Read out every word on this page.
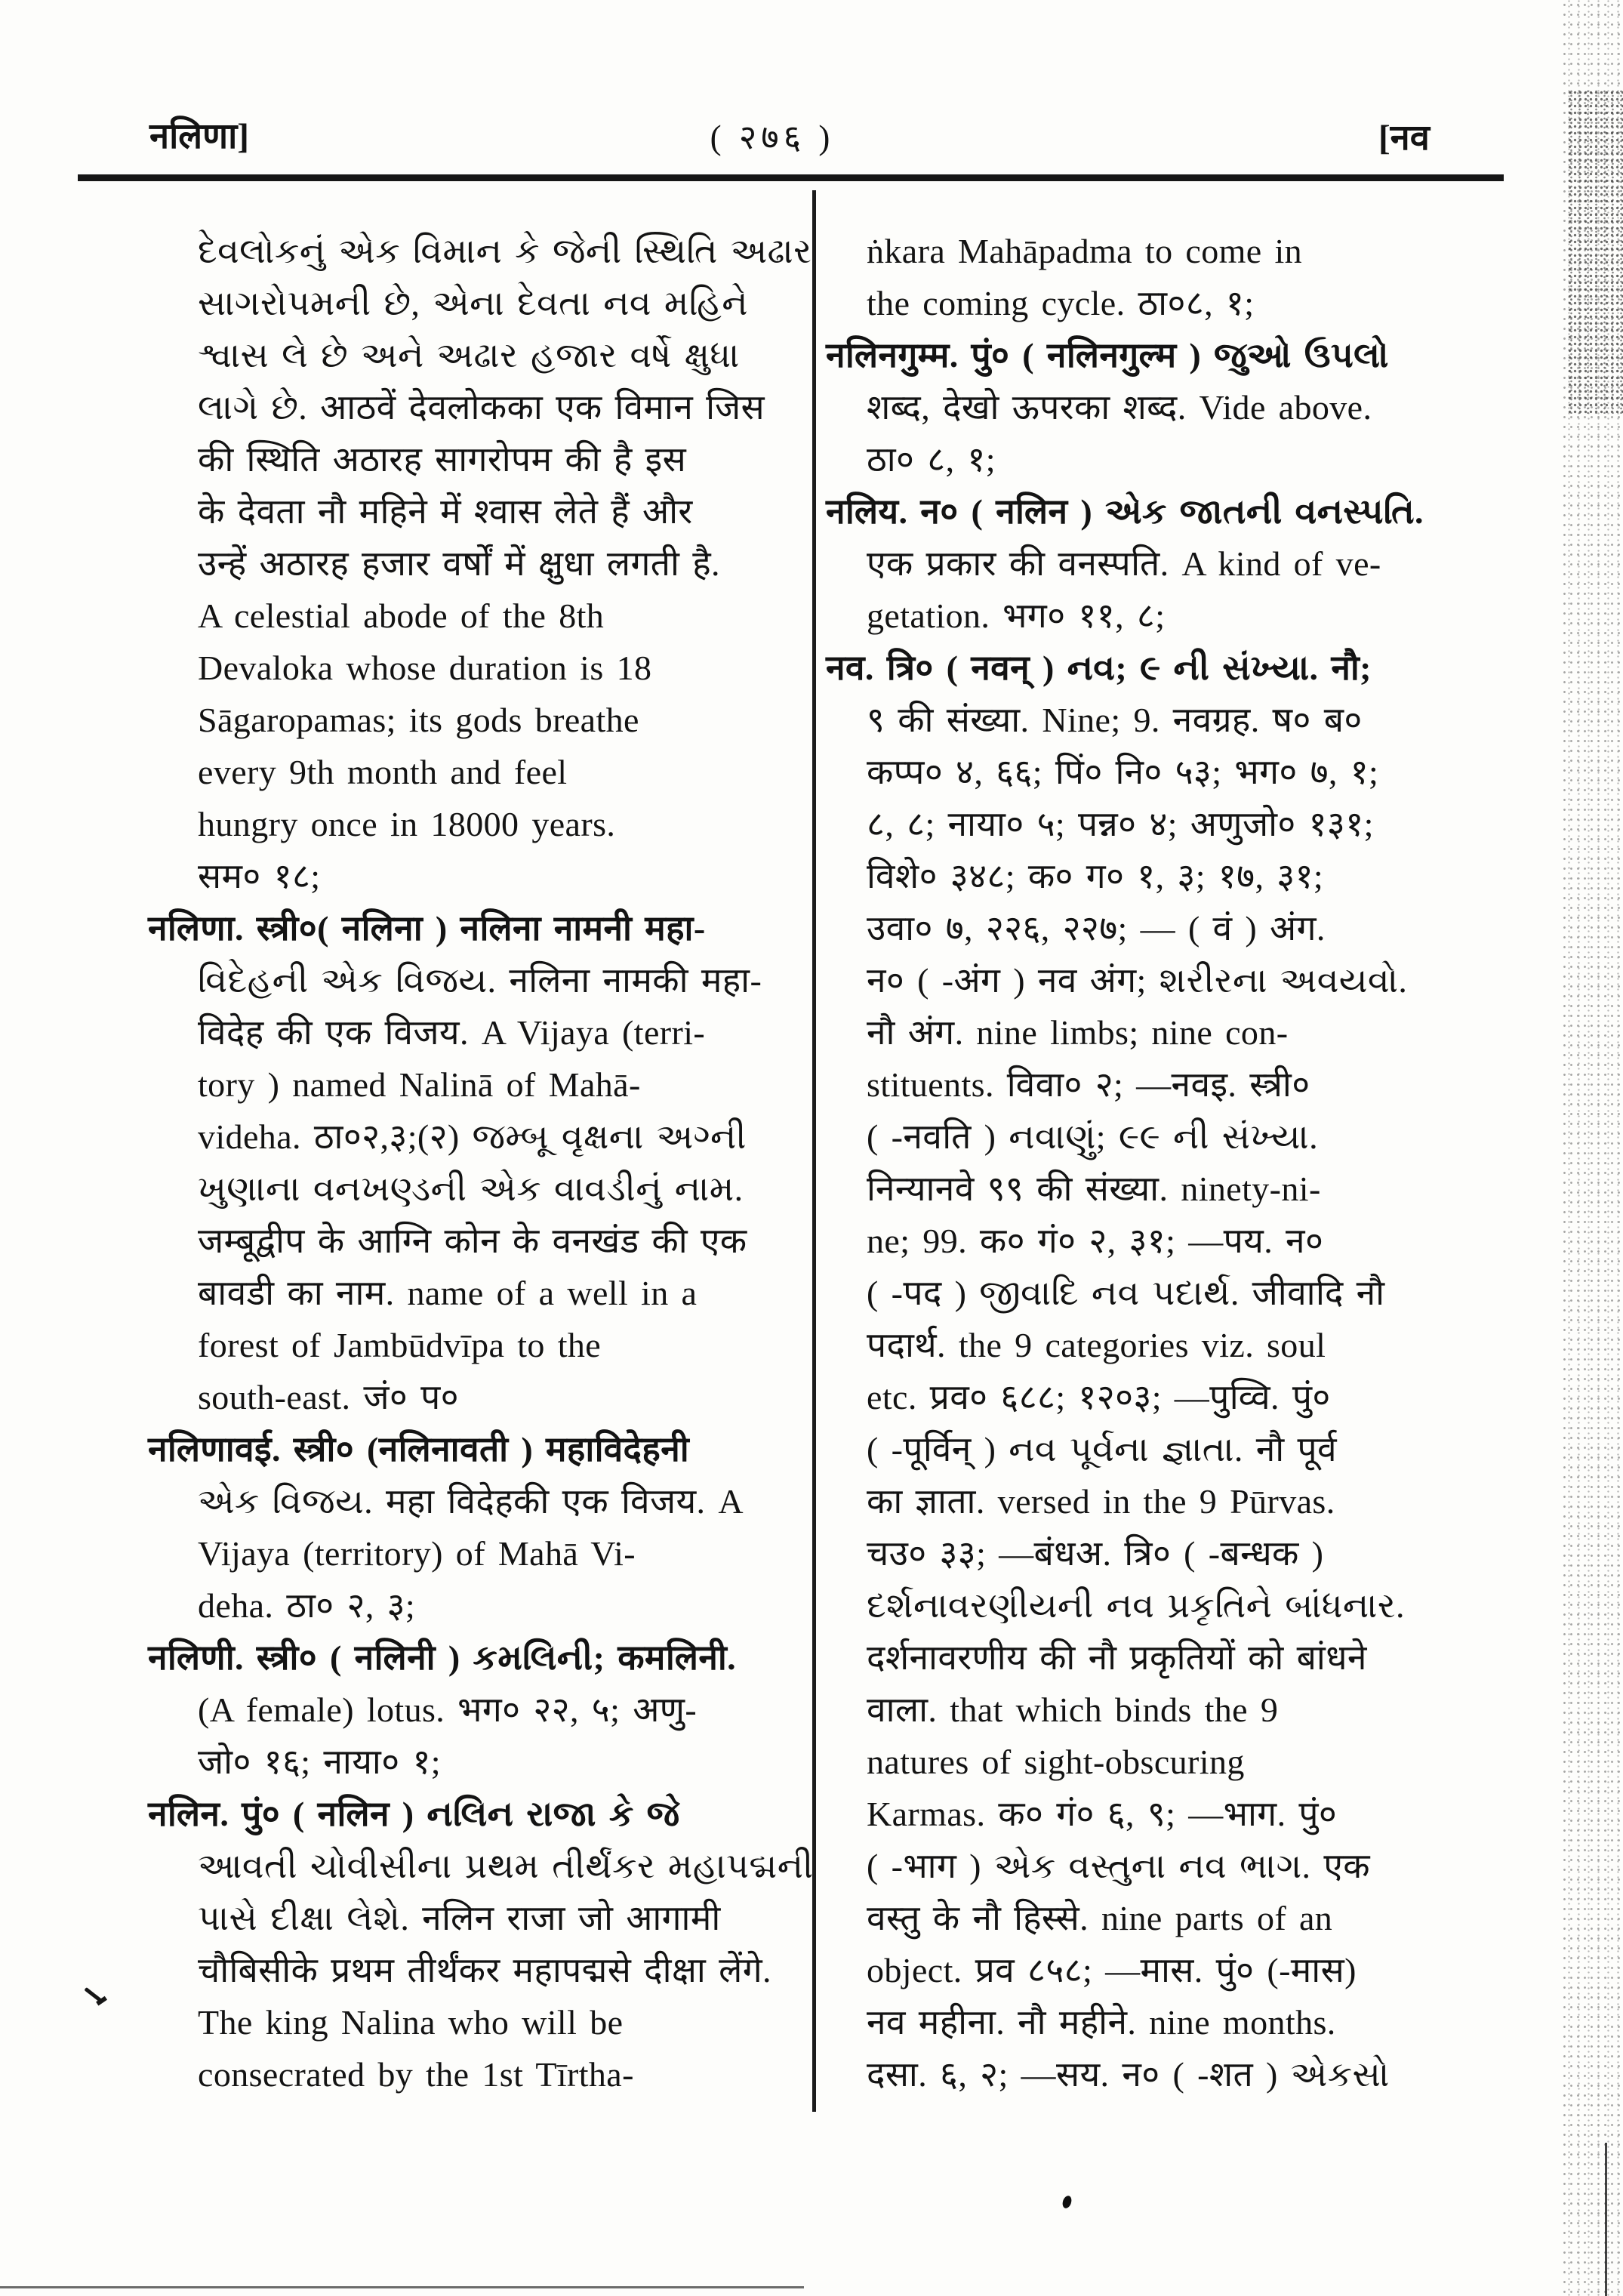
नलिणा]	( २७६ )	[नव
દેવલોકનું એક વિમાન કે જેની સ્થિતિ અઢાર
સાગરોપમની છે, એના દેવતા નવ મહિને
શ્વાસ લે છે અને અઢાર હજાર વર્ષે ક્ષુધા
લાગે છે. आठवें देवलोकका एक विमान जिस
की स्थिति अठारह सागरोपम की है इस
के देवता नौ महिने में श्वास लेते हैं और
उन्हें अठारह हजार वर्षों में क्षुधा लगती है.
A celestial abode of the 8th
Devaloka whose duration is 18
Sāgaropamas; its gods breathe
every 9th month and feel
hungry once in 18000 years.
सम० १८;
नलिणा. स्त्री०( नलिना ) नलिना नामनी महा-
વિદેહની એક વિજય. नलिना नामकी महा-
विदेह की एक विजय. A Vijaya (terri-
tory ) named Nalinā of Mahā-
videha. ठा०२,३;(२) જમ્બૂ વૃક્ષના અગ્ની
ખુણાના વનખણ્ડની એક વાવડીનું નામ.
जम्बूद्वीप के आग्नि कोन के वनखंड की एक
बावडी का नाम. name of a well in a
forest of Jambūdvīpa to the
south-east. जं० प०
नलिणावई. स्त्री० (नलिनावती ) महाविदेहनी
એક વિજય. महा विदेहकी एक विजय. A
Vijaya (territory) of Mahā Vi-
deha. ठा० २, ३;
नलिणी. स्त्री० ( नलिनी ) કમલિની; कमलिनी.
(A female) lotus. भग० २२, ५; अणु-
जो० १६; नाया० १;
नलिन. पुं० ( नलिन ) નલિન રાજા કે જે
આવતી ચોવીસીના પ્રથમ તીર્થંકર મહાપદ્મની
પાસે દીક્ષા લેશે. नलिन राजा जो आगामी
चौबिसीके प्रथम तीर्थंकर महापद्मसे दीक्षा लेंगे.
The king Nalina who will be
consecrated by the 1st Tīrtha-
ṅkara Mahāpadma to come in
the coming cycle. ठा०८, १;
नलिनगुम्म. पुं० ( नलिनगुल्म ) જુઓ ઉપલો
शब्द, देखो ऊपरका शब्द. Vide above.
ठा० ८, १;
नलिय. न० ( नलिन ) એક જાતની વનસ્પતિ.
एक प्रकार की वनस्पति. A kind of ve-
getation. भग० ११, ८;
नव. त्रि० ( नवन् ) નવ; ૯ ની સંખ્યા. नौ;
९ की संख्या. Nine; 9. नवग्रह. ष० ब०
कप्प० ४, ६६; पिं० नि० ५३; भग० ७, १;
८, ८; नाया० ५; पन्न० ४; अणुजो० १३१;
विशे० ३४८; क० ग० १, ३; १७, ३१;
उवा० ७, २२६, २२७; — ( वं ) अंग.
न० ( -अंग ) नव अंग; શરીરના અવયવો.
नौ अंग. nine limbs; nine con-
stituents. विवा० २; —नवइ. स्त्री०
( -नवति ) નવાણું; ૯૯ ની સંખ્યા.
निन्यानवे ९९ की संख्या. ninety-ni-
ne; 99. क० गं० २, ३१; —पय. न०
( -पद ) જીવાદિ નવ પદાર્થ. जीवादि नौ
पदार्थ. the 9 categories viz. soul
etc. प्रव० ६८८; १२०३; —पुव्वि. पुं०
( -पूर्विन् ) નવ પૂર્વના જ્ઞાતા. नौ पूर्व
का ज्ञाता. versed in the 9 Pūrvas.
चउ० ३३; —बंधअ. त्रि० ( -बन्धक )
દર્શનાવરણીયની નવ પ્રકૃતિને બાંધનાર.
दर्शनावरणीय की नौ प्रकृतियों को बांधने
वाला. that which binds the 9
natures of sight-obscuring
Karmas. क० गं० ६, ९; —भाग. पुं०
( -भाग ) એક વસ્તુના નવ ભાગ. एक
वस्तु के नौ हिस्से. nine parts of an
object. प्रव ८५८; —मास. पुं० (-मास)
नव महीना. नौ महीने. nine months.
दसा. ६, २; —सय. न० ( -शत ) એકસો
